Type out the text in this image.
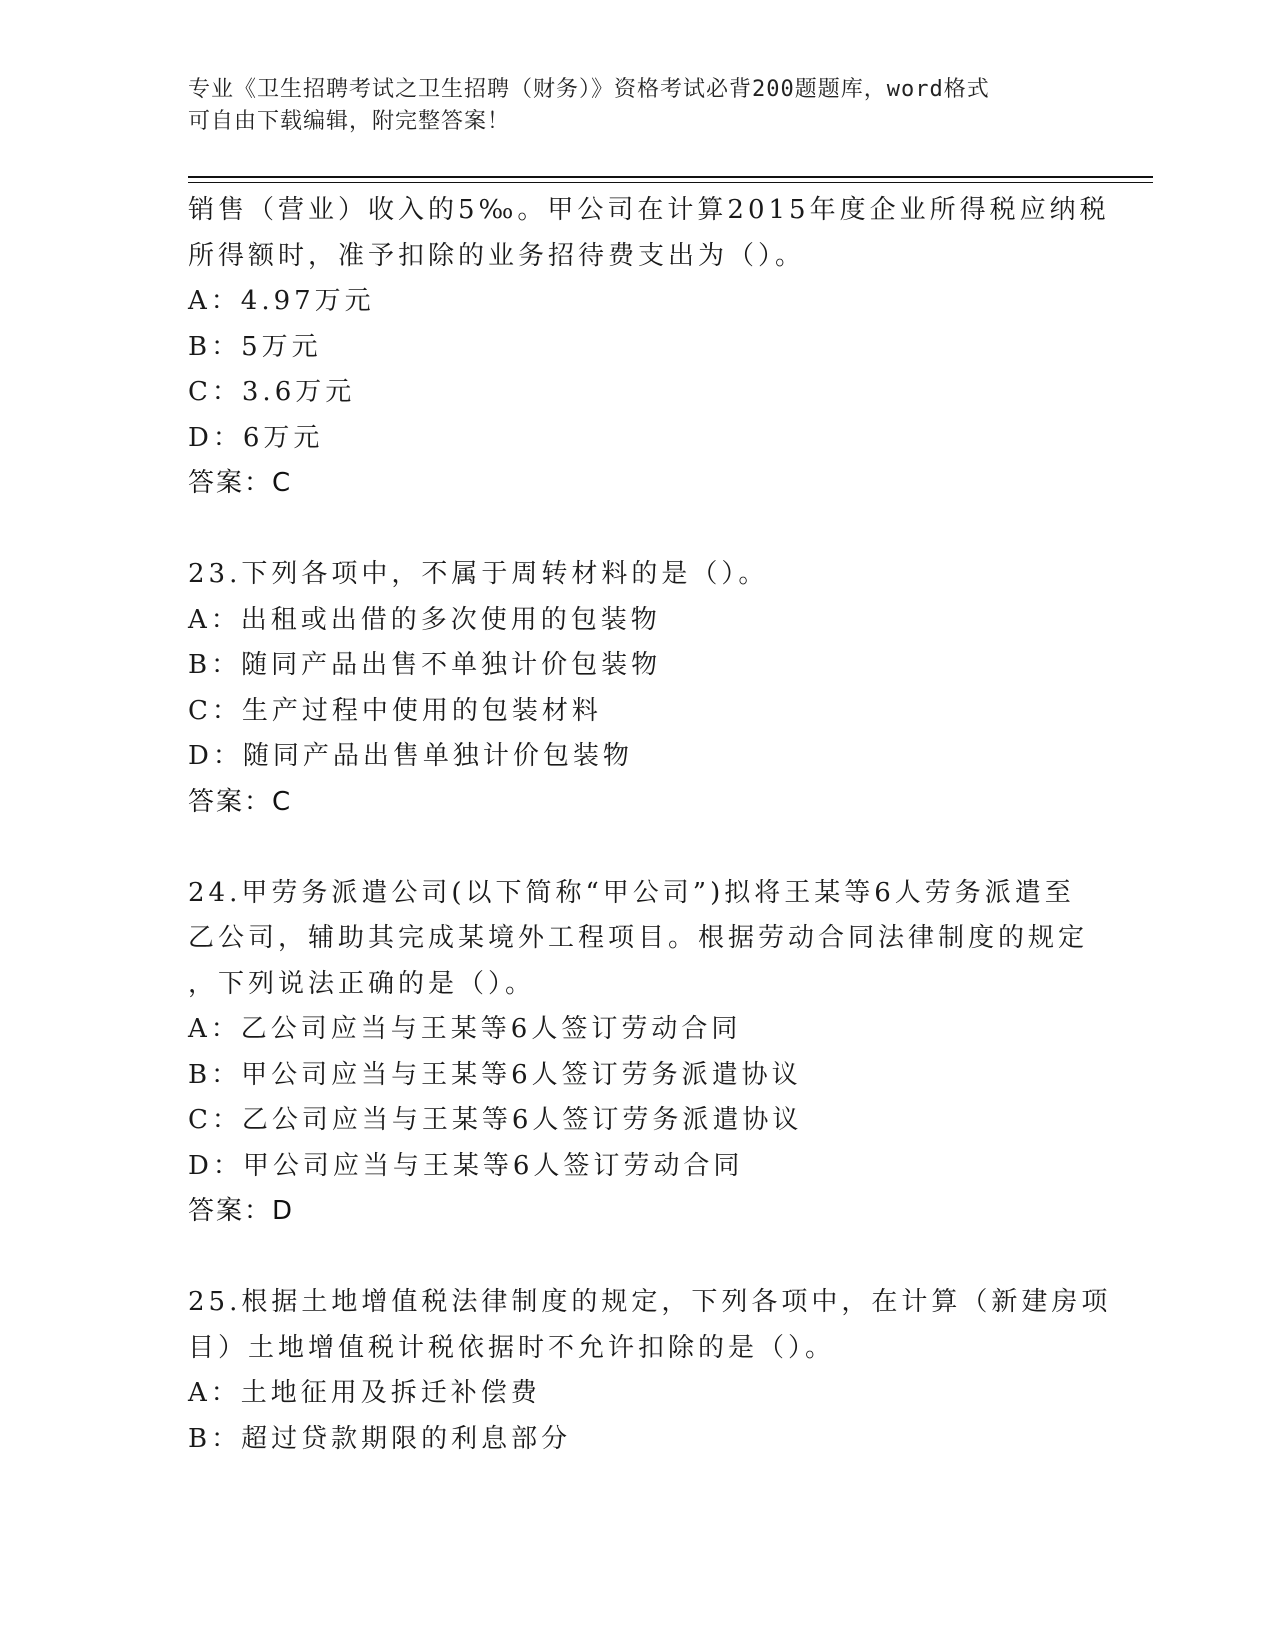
专业《卫生招聘考试之卫生招聘（财务）》资格考试必背200题题库，word格式
可自由下载编辑，附完整答案！
销售（营业）收入的5‰。甲公司在计算2015年度企业所得税应纳税
所得额时，准予扣除的业务招待费支出为（）。
A：4.97万元
B：5万元
C：3.6万元
D：6万元
答案：C
23.下列各项中，不属于周转材料的是（）。
A：出租或出借的多次使用的包装物
B：随同产品出售不单独计价包装物
C：生产过程中使用的包装材料
D：随同产品出售单独计价包装物
答案：C
24.甲劳务派遣公司(以下简称“甲公司”)拟将王某等6人劳务派遣至
乙公司，辅助其完成某境外工程项目。根据劳动合同法律制度的规定
，下列说法正确的是（）。
A：乙公司应当与王某等6人签订劳动合同
B：甲公司应当与王某等6人签订劳务派遣协议
C：乙公司应当与王某等6人签订劳务派遣协议
D：甲公司应当与王某等6人签订劳动合同
答案：D
25.根据土地增值税法律制度的规定，下列各项中，在计算（新建房项
目）土地增值税计税依据时不允许扣除的是（）。
A：土地征用及拆迁补偿费
B：超过贷款期限的利息部分
